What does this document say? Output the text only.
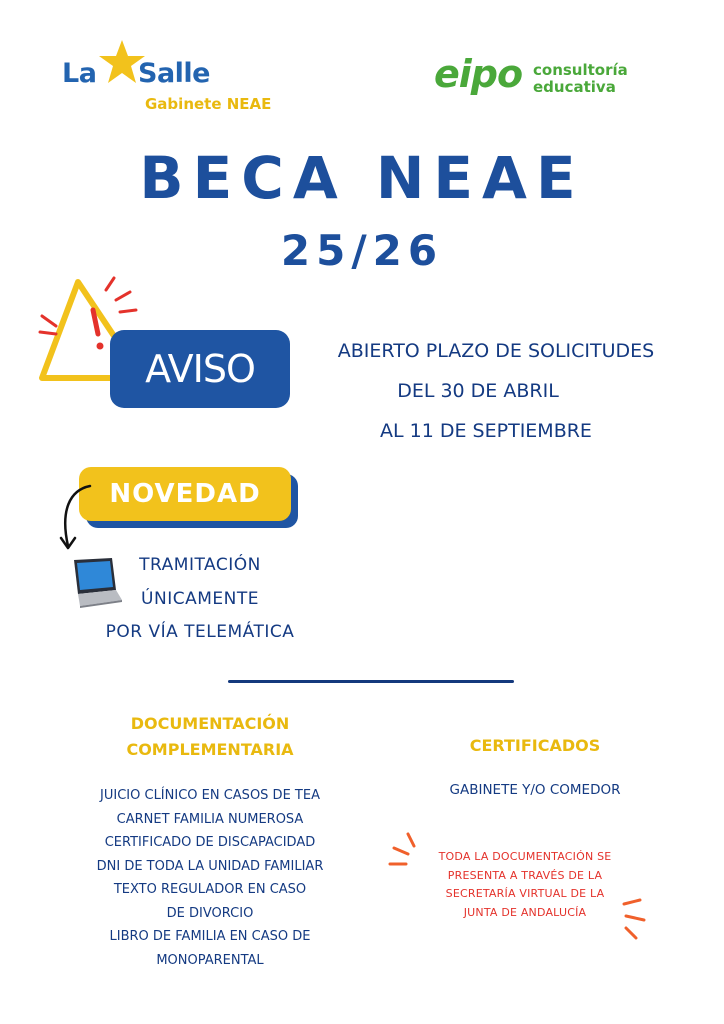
La Salle
Gabinete NEAE
eipo consultoría
educativa
BECA NEAE
25/26
AVISO	ABIERTO PLAZO DE SOLICITUDES
DEL 30 DE ABRIL
AL 11 DE SEPTIEMBRE
NOVEDAD
TRAMITACIÓN
ÚNICAMENTE
POR VÍA TELEMÁTICA
DOCUMENTACIÓN
COMPLEMENTARIA
JUICIO CLÍNICO EN CASOS DE TEA
CARNET FAMILIA NUMEROSA
CERTIFICADO DE DISCAPACIDAD
DNI DE TODA LA UNIDAD FAMILIAR
TEXTO REGULADOR EN CASO
DE DIVORCIO
LIBRO DE FAMILIA EN CASO DE
MONOPARENTAL
CERTIFICADOS
GABINETE Y/O COMEDOR
TODA LA DOCUMENTACIÓN SE
PRESENTA A TRAVÉS DE LA
SECRETARÍA VIRTUAL DE LA
JUNTA DE ANDALUCÍA
